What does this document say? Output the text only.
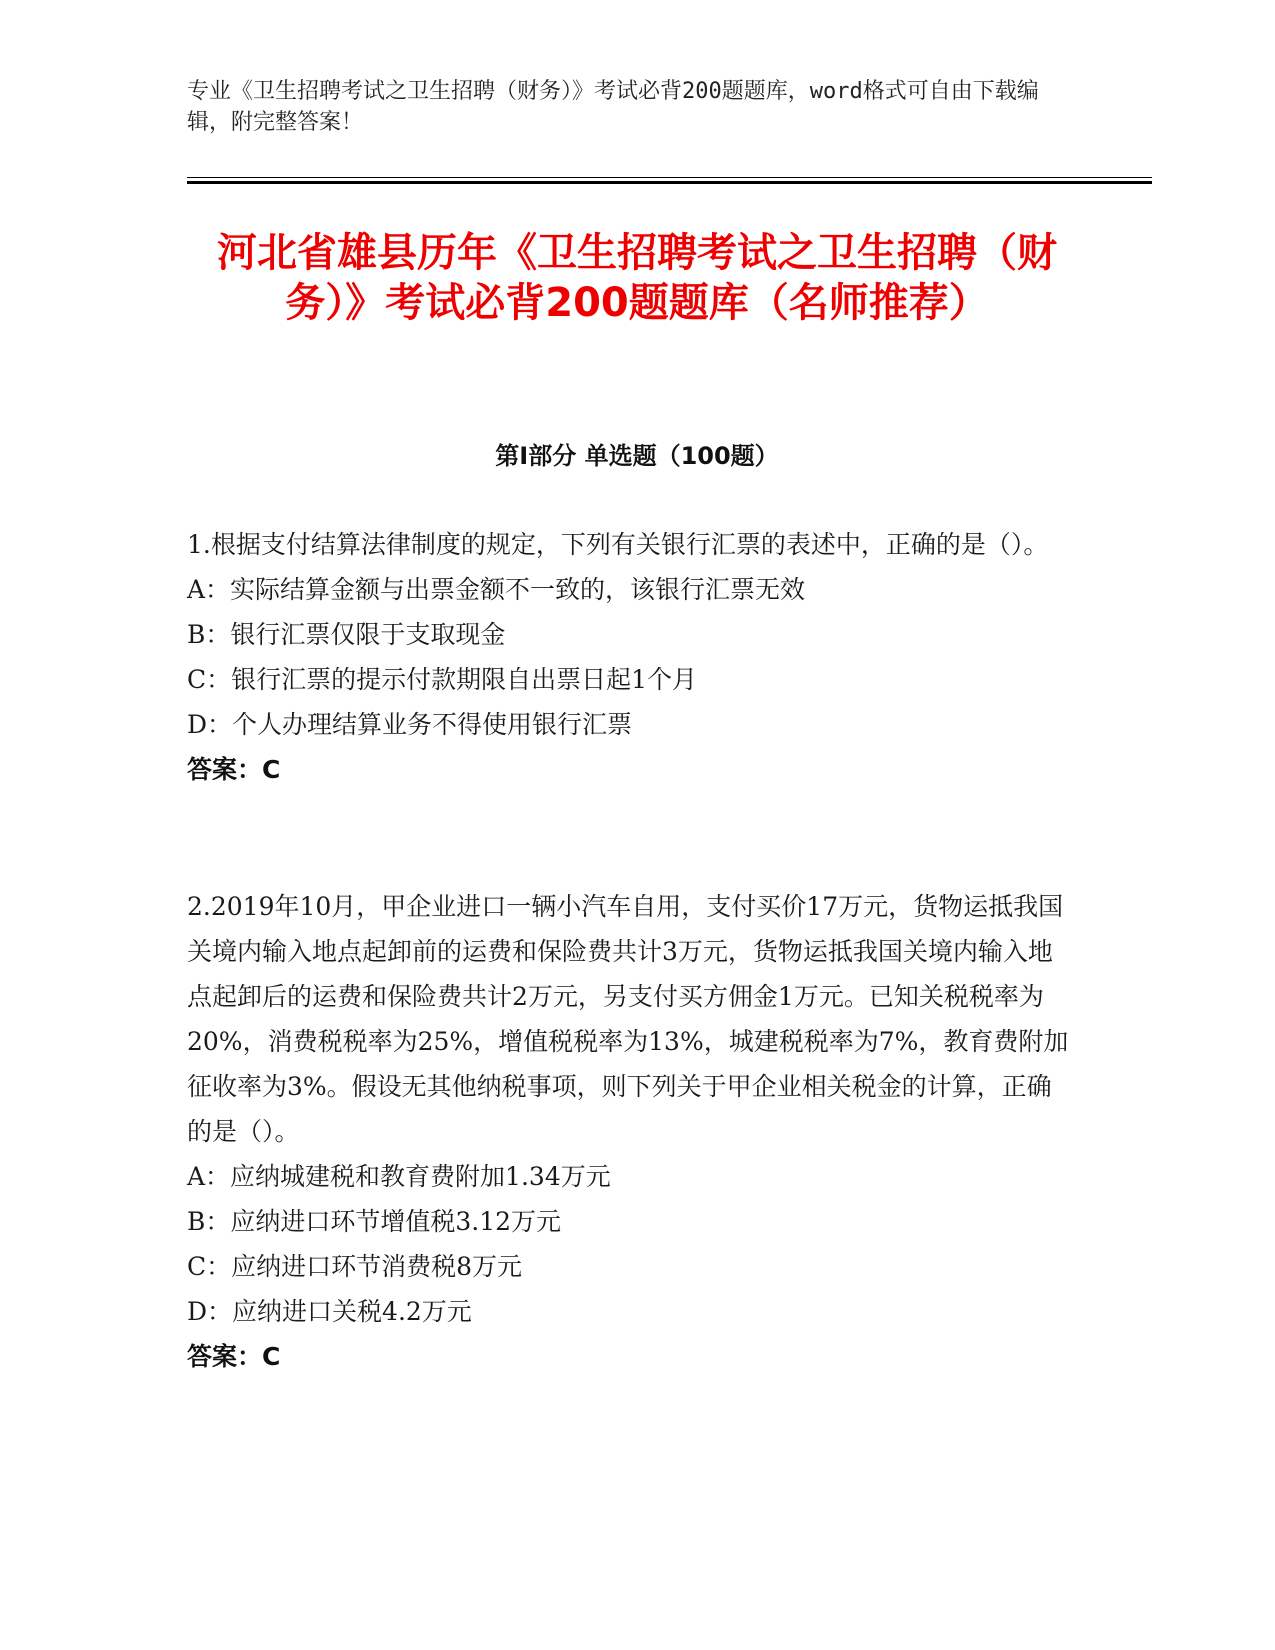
专业《卫生招聘考试之卫生招聘（财务）》考试必背200题题库，word格式可自由下载编辑，附完整答案！
河北省雄县历年《卫生招聘考试之卫生招聘（财务）》考试必背200题题库（名师推荐）
第Ⅰ部分 单选题（100题）

1.根据支付结算法律制度的规定，下列有关银行汇票的表述中，正确的是（）。

A：实际结算金额与出票金额不一致的，该银行汇票无效

B：银行汇票仅限于支取现金

C：银行汇票的提示付款期限自出票日起1个月

D：个人办理结算业务不得使用银行汇票

答案：C

2.2019年10月，甲企业进口一辆小汽车自用，支付买价17万元，货物运抵我国关境内输入地点起卸前的运费和保险费共计3万元，货物运抵我国关境内输入地点起卸后的运费和保险费共计2万元，另支付买方佣金1万元。已知关税税率为20%，消费税税率为25%，增值税税率为13%，城建税税率为7%，教育费附加征收率为3%。假设无其他纳税事项，则下列关于甲企业相关税金的计算，正确的是（）。

A：应纳城建税和教育费附加1.34万元

B：应纳进口环节增值税3.12万元

C：应纳进口环节消费税8万元

D：应纳进口关税4.2万元

答案：C
